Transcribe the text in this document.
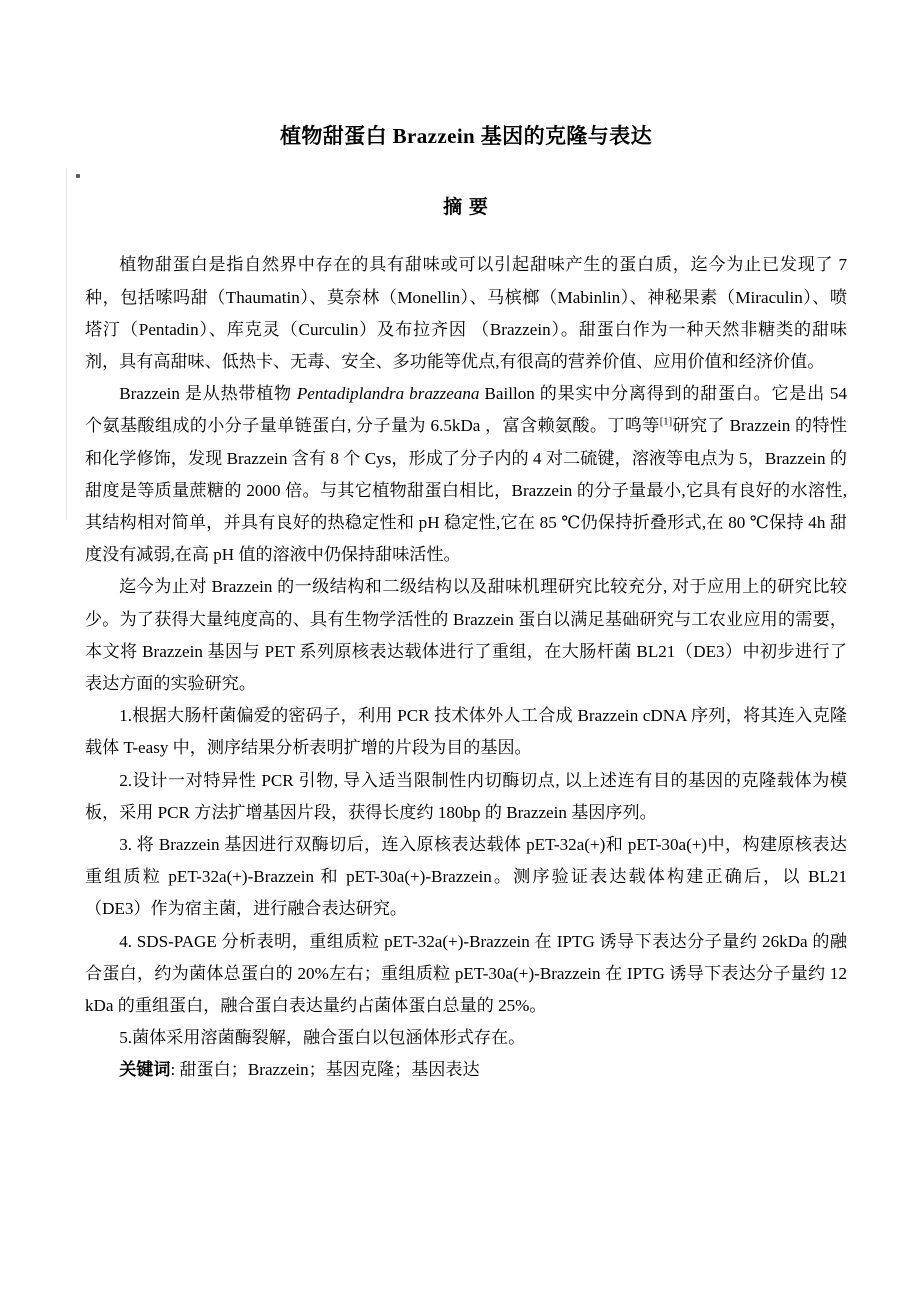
植物甜蛋白 Brazzein 基因的克隆与表达
摘 要

植物甜蛋白是指自然界中存在的具有甜味或可以引起甜味产生的蛋白质，迄今为止已发现了 7 种，包括嗦吗甜（Thaumatin）、莫奈林（Monellin）、马槟榔（Mabinlin）、神秘果素（Miraculin）、喷塔汀（Pentadin）、库克灵（Curculin）及布拉齐因 （Brazzein）。甜蛋白作为一种天然非糖类的甜味剂，具有高甜味、低热卡、无毒、安全、多功能等优点,有很高的营养价值、应用价值和经济价值。

Brazzein 是从热带植物 Pentadiplandra brazzeana Baillon 的果实中分离得到的甜蛋白。它是出 54 个氨基酸组成的小分子量单链蛋白, 分子量为 6.5kDa ，富含赖氨酸。丁鸣等[1]研究了 Brazzein 的特性和化学修饰，发现 Brazzein 含有 8 个 Cys，形成了分子内的 4 对二硫键，溶液等电点为 5，Brazzein 的甜度是等质量蔗糖的 2000 倍。与其它植物甜蛋白相比，Brazzein 的分子量最小,它具有良好的水溶性,其结构相对简单，并具有良好的热稳定性和 pH 稳定性,它在 85 ℃仍保持折叠形式,在 80 ℃保持 4h 甜度没有减弱,在高 pH 值的溶液中仍保持甜味活性。

迄今为止对 Brazzein 的一级结构和二级结构以及甜味机理研究比较充分, 对于应用上的研究比较少。为了获得大量纯度高的、具有生物学活性的 Brazzein 蛋白以满足基础研究与工农业应用的需要，本文将 Brazzein 基因与 PET 系列原核表达载体进行了重组，在大肠杆菌 BL21（DE3）中初步进行了表达方面的实验研究。

1.根据大肠杆菌偏爱的密码子，利用 PCR 技术体外人工合成 Brazzein cDNA 序列，将其连入克隆载体 T-easy 中，测序结果分析表明扩增的片段为目的基因。

2.设计一对特异性 PCR 引物, 导入适当限制性内切酶切点, 以上述连有目的基因的克隆载体为模板，采用 PCR 方法扩增基因片段，获得长度约 180bp 的 Brazzein 基因序列。

3. 将 Brazzein 基因进行双酶切后，连入原核表达载体 pET-32a(+)和 pET-30a(+)中，构建原核表达重组质粒 pET-32a(+)-Brazzein 和 pET-30a(+)-Brazzein。测序验证表达载体构建正确后，以 BL21（DE3）作为宿主菌，进行融合表达研究。

4. SDS-PAGE 分析表明，重组质粒 pET-32a(+)-Brazzein 在 IPTG 诱导下表达分子量约 26kDa 的融合蛋白，约为菌体总蛋白的 20%左右；重组质粒 pET-30a(+)-Brazzein 在 IPTG 诱导下表达分子量约 12 kDa 的重组蛋白，融合蛋白表达量约占菌体蛋白总量的 25%。

5.菌体采用溶菌酶裂解，融合蛋白以包涵体形式存在。

关键词: 甜蛋白；Brazzein；基因克隆；基因表达
